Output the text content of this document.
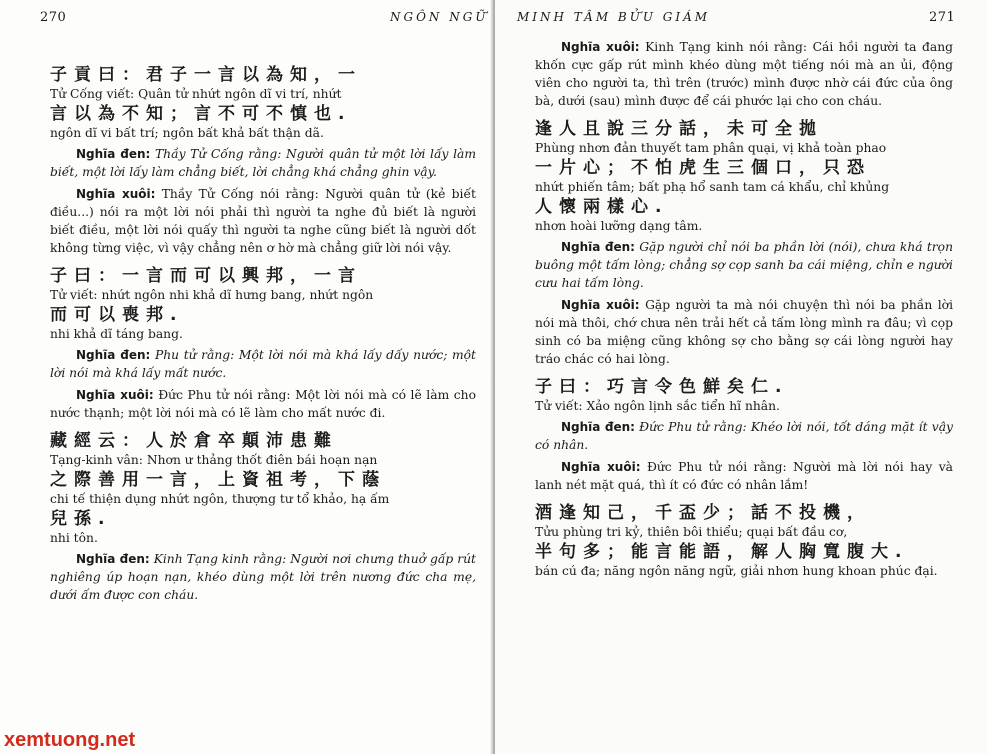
270	NGÔN NGỮ

子貢曰：君子一言以為知，一

Tử Cống viết: Quân tử nhứt ngôn dĩ vi trí, nhứt

言以為不知；言不可不慎也.

ngôn dĩ vi bất trí; ngôn bất khả bất thận dã.

Nghĩa đen: Thầy Tử Cống rằng: Người quân tử một lời lấy làm biết, một lời lấy làm chẳng biết, lời chẳng khá chẳng ghin vậy.

Nghĩa xuôi: Thầy Tử Cống nói rằng: Người quân tử (kẻ biết điều...) nói ra một lời nói phải thì người ta nghe đủ biết là người biết điều, một lời nói quấy thì người ta nghe cũng biết là người dốt không từng việc, vì vậy chẳng nên ơ hờ mà chẳng giữ lời nói vậy.

子曰：一言而可以興邦，一言

Tử viết: nhứt ngôn nhi khả dĩ hưng bang, nhứt ngôn

而可以喪邦.

nhi khả dĩ táng bang.

Nghĩa đen: Phu tử rằng: Một lời nói mà khá lấy dấy nước; một lời nói mà khá lấy mất nước.

Nghĩa xuôi: Đức Phu tử nói rằng: Một lời nói mà có lẽ làm cho nước thạnh; một lời nói mà có lẽ làm cho mất nước đi.

藏經云：人於倉卒顛沛患難

Tạng-kinh vân: Nhơn ư thảng thốt điên bái hoạn nạn

之際善用一言，上資祖考，下蔭

chi tế thiện dụng nhứt ngôn, thượng tư tổ khảo, hạ ấm

兒孫.

nhi tôn.

Nghĩa đen: Kinh Tạng kinh rằng: Người nơi chưng thuở gấp rút nghiêng úp hoạn nạn, khéo dùng một lời trên nương đức cha mẹ, dưới ấm được con cháu.

MINH TÂM BỬU GIÁM	271

Nghĩa xuôi: Kinh Tạng kinh nói rằng: Cái hồi người ta đang khốn cực gấp rút mình khéo dùng một tiếng nói mà an ủi, động viên cho người ta, thì trên (trước) mình được nhờ cái đức của ông bà, dưới (sau) mình được để cái phước lại cho con cháu.

逢人且說三分話，未可全拋

Phùng nhơn đản thuyết tam phân quại, vị khả toàn phao

一片心；不怕虎生三個口，只恐

nhứt phiến tâm; bất phạ hổ sanh tam cá khẩu, chỉ khủng

人懷兩樣心.

nhơn hoài lưỡng dạng tâm.

Nghĩa đen: Gặp người chỉ nói ba phần lời (nói), chưa khá trọn buông một tấm lòng; chẳng sợ cọp sanh ba cái miệng, chỉn e người cưu hai tấm lòng.

Nghĩa xuôi: Gặp người ta mà nói chuyện thì nói ba phần lời nói mà thôi, chớ chưa nên trải hết cả tấm lòng mình ra đâu; vì cọp sinh có ba miệng cũng không sợ cho bằng sợ cái lòng người hay tráo chác có hai lòng.

子曰：巧言令色鮮矣仁.

Tử viết: Xảo ngôn lịnh sắc tiển hĩ nhân.

Nghĩa đen: Đức Phu tử rằng: Khéo lời nói, tốt dáng mặt ít vậy có nhân.

Nghĩa xuôi: Đức Phu tử nói rằng: Người mà lời nói hay và lanh nét mặt quá, thì ít có đức có nhân lắm!

酒逢知己，千盃少；話不投機，

Tửu phùng tri kỷ, thiên bôi thiểu; quại bất đầu cơ,

半句多；能言能語，解人胸寬腹大.

bán cú đa; năng ngôn năng ngữ, giải nhơn hung khoan phúc đại.

xemtuong.net
